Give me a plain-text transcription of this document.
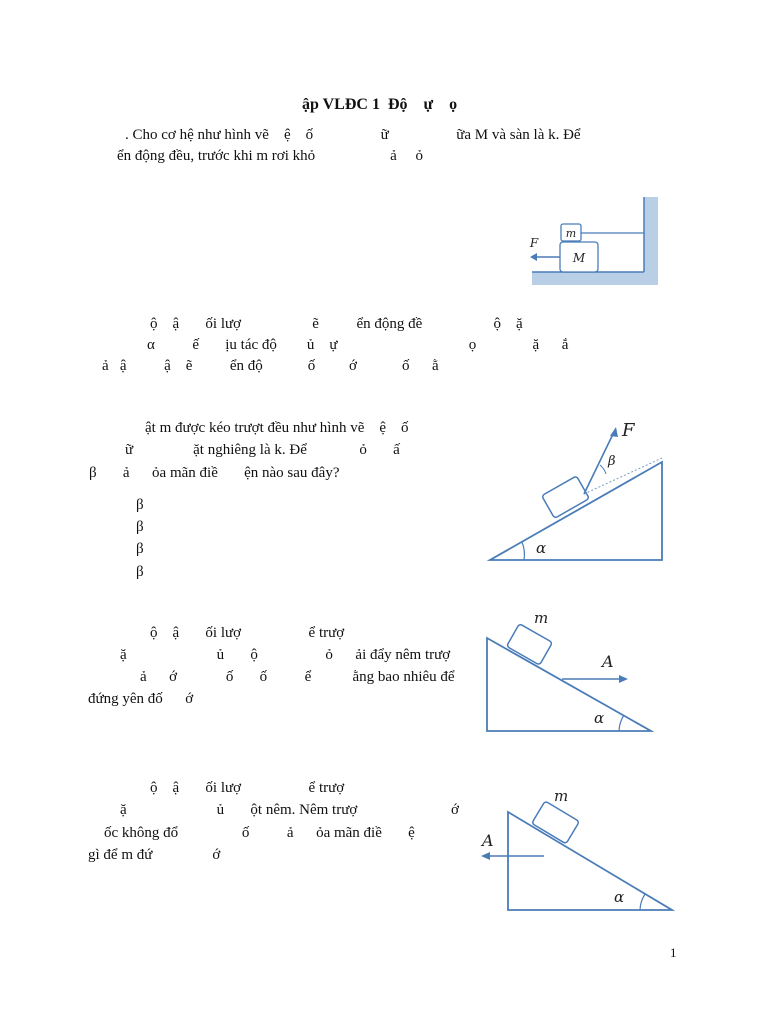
ập VLĐC 1  Độ    ự    ọ
. Cho cơ hệ như hình vẽ    ệ    ố                  ữ                  ữa M và sàn là k. Để
ển động đều, trước khi m rơi khỏ                    ả     ỏ
m
M
F
ộ    ậ       ối lượ                   ẽ          ển động đề                   ộ    ặ
α          ế       ịu tác độ        ủ    ự                                   ọ               ặ      ắ
ả   ậ          ậ    ẽ          ển độ            ố         ớ            ố      ằ
ật m được kéo trượt đều như hình vẽ    ệ    ố
ữ                ặt nghiêng là k. Để              ỏ       ấ
β       ả      ỏa mãn điề       ện nào sau đây?
β
β
β
β
α
β
F
ộ    ậ       ối lượ                  ể trượ
ặ                        ủ       ộ                  ỏ      ải đẩy nêm trượ
ả      ớ             ố       ố          ể           ằng bao nhiêu để
đứng yên đố      ớ
α
m
A
ộ    ậ       ối lượ                  ể trượ
ặ                        ủ       ột nêm. Nêm trượ                         ớ
ốc không đổ                 ố          ả      ỏa mãn điề       ệ
gì để m đứ                ớ
α
m
A
1
